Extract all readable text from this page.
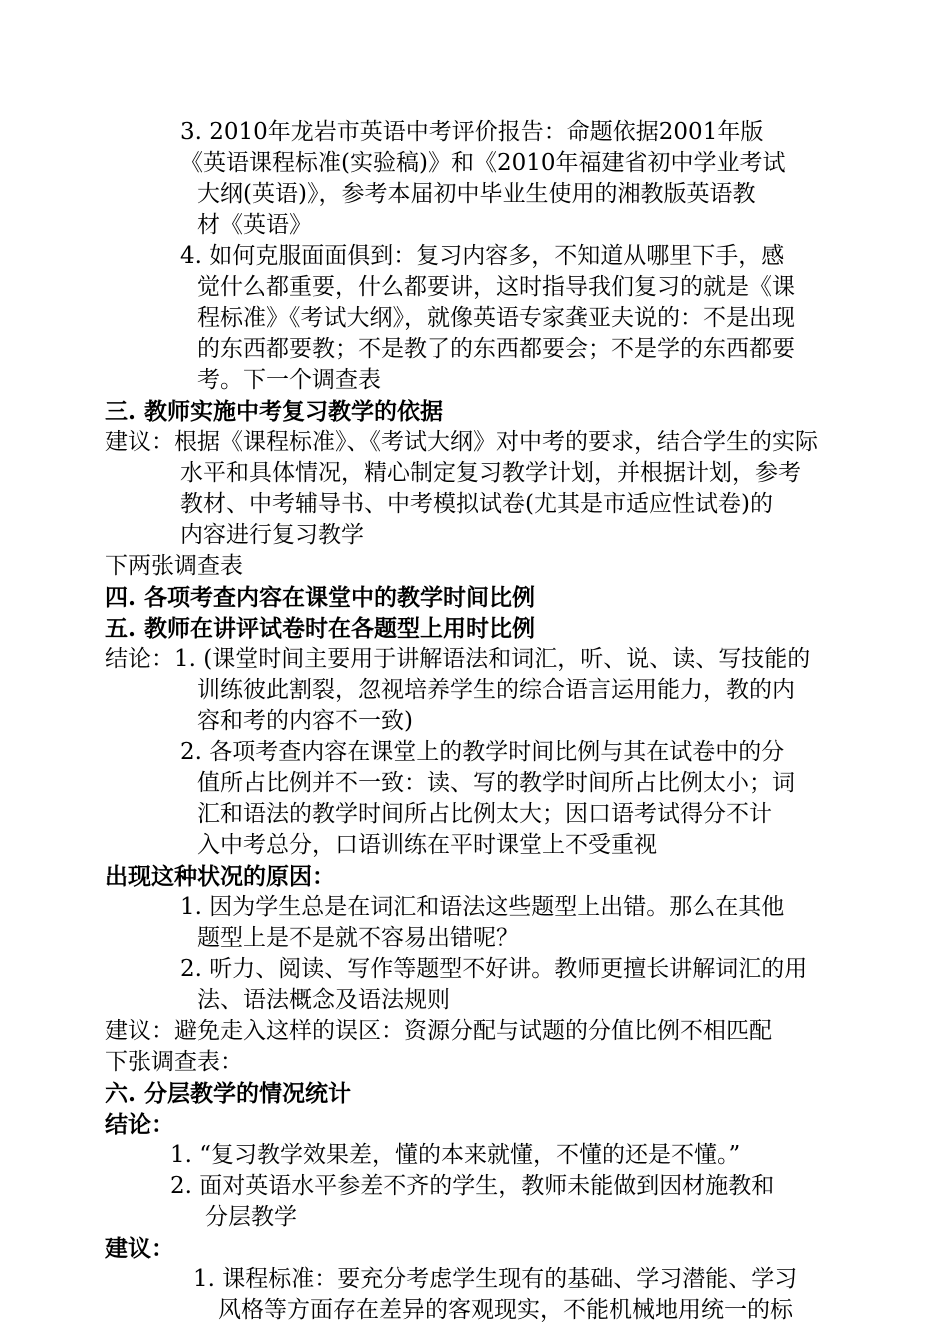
3. 2010年龙岩市英语中考评价报告：命题依据2001年版
《英语课程标准(实验稿)》和《2010年福建省初中学业考试
大纲(英语)》，参考本届初中毕业生使用的湘教版英语教
材《英语》
4. 如何克服面面俱到：复习内容多，不知道从哪里下手，感
觉什么都重要，什么都要讲，这时指导我们复习的就是《课
程标准》《考试大纲》，就像英语专家龚亚夫说的：不是出现
的东西都要教；不是教了的东西都要会；不是学的东西都要
考。下一个调查表
三. 教师实施中考复习教学的依据
建议：根据《课程标准》、《考试大纲》对中考的要求，结合学生的实际
水平和具体情况，精心制定复习教学计划，并根据计划，参考
教材、中考辅导书、中考模拟试卷(尤其是市适应性试卷)的
内容进行复习教学
下两张调查表
四. 各项考查内容在课堂中的教学时间比例
五. 教师在讲评试卷时在各题型上用时比例
结论：1. (课堂时间主要用于讲解语法和词汇，听、说、读、写技能的
训练彼此割裂，忽视培养学生的综合语言运用能力，教的内
容和考的内容不一致)
2. 各项考查内容在课堂上的教学时间比例与其在试卷中的分
值所占比例并不一致：读、写的教学时间所占比例太小；词
汇和语法的教学时间所占比例太大；因口语考试得分不计
入中考总分，口语训练在平时课堂上不受重视
出现这种状况的原因：
1. 因为学生总是在词汇和语法这些题型上出错。那么在其他
题型上是不是就不容易出错呢？
2. 听力、阅读、写作等题型不好讲。教师更擅长讲解词汇的用
法、语法概念及语法规则
建议：避免走入这样的误区：资源分配与试题的分值比例不相匹配
下张调查表：
六. 分层教学的情况统计
结论：
1. “复习教学效果差，懂的本来就懂，不懂的还是不懂。”
2. 面对英语水平参差不齐的学生，教师未能做到因材施教和
分层教学
建议：
1. 课程标准：要充分考虑学生现有的基础、学习潜能、学习
风格等方面存在差异的客观现实，不能机械地用统一的标
